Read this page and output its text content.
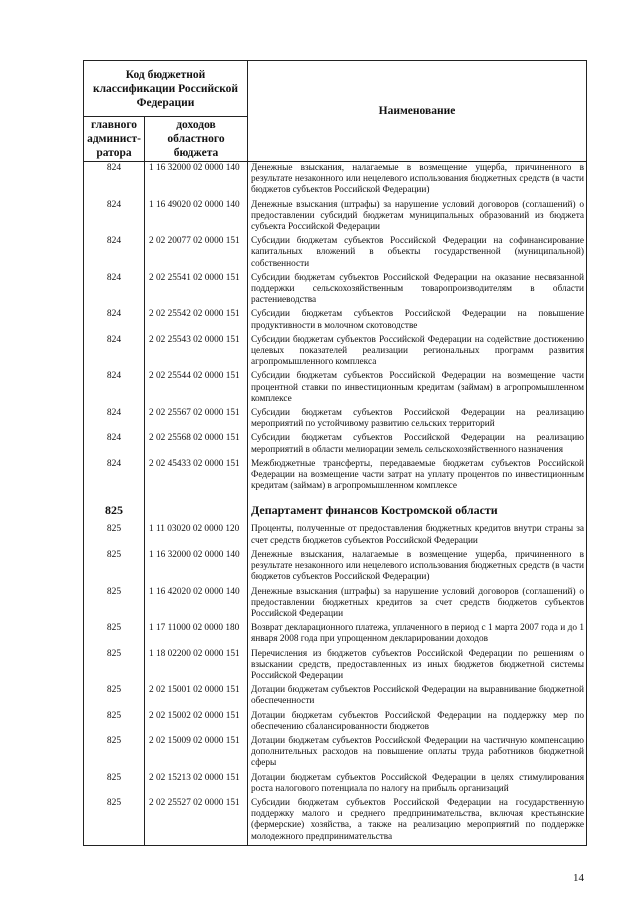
Код бюджетной классификации Российской Федерации		Наименование
главного админист-ратора	доходов областного бюджета	
824	1 16 32000 02 0000 140	Денежные взыскания, налагаемые в возмещение ущерба, причиненного в результате незаконного или нецелевого использования бюджетных средств (в части бюджетов субъектов Российской Федерации)
824	1 16 49020 02 0000 140	Денежные взыскания (штрафы) за нарушение условий договоров (соглашений) о предоставлении субсидий бюджетам муниципальных образований из бюджета субъекта Российской Федерации
824	2 02 20077 02 0000 151	Субсидии бюджетам субъектов Российской Федерации на софинансирование капитальных вложений в объекты государственной (муниципальной) собственности
824	2 02 25541 02 0000 151	Субсидии бюджетам субъектов Российской Федерации на оказание несвязанной поддержки сельскохозяйственным товаропроизводителям в области растениеводства
824	2 02 25542 02 0000 151	Субсидии бюджетам субъектов Российской Федерации на повышение продуктивности в молочном скотоводстве
824	2 02 25543 02 0000 151	Субсидии бюджетам субъектов Российской Федерации на содействие достижению целевых показателей реализации региональных программ развития агропромышленного комплекса
824	2 02 25544 02 0000 151	Субсидии бюджетам субъектов Российской Федерации на возмещение части процентной ставки по инвестиционным кредитам (займам) в агропромышленном комплексе
824	2 02 25567 02 0000 151	Субсидии бюджетам субъектов Российской Федерации на реализацию мероприятий по устойчивому развитию сельских территорий
824	2 02 25568 02 0000 151	Субсидии бюджетам субъектов Российской Федерации на реализацию мероприятий в области мелиорации земель сельскохозяйственного назначения
824	2 02 45433 02 0000 151	Межбюджетные трансферты, передаваемые бюджетам субъектов Российской Федерации на возмещение части затрат на уплату процентов по инвестиционным кредитам (займам) в агропромышленном комплексе
825		Департамент финансов Костромской области
825	1 11 03020 02 0000 120	Проценты, полученные от предоставления бюджетных кредитов внутри страны за счет средств бюджетов субъектов Российской Федерации
825	1 16 32000 02 0000 140	Денежные взыскания, налагаемые в возмещение ущерба, причиненного в результате незаконного или нецелевого использования бюджетных средств (в части бюджетов субъектов Российской Федерации)
825	1 16 42020 02 0000 140	Денежные взыскания (штрафы) за нарушение условий договоров (соглашений) о предоставлении бюджетных кредитов за счет средств бюджетов субъектов Российской Федерации
825	1 17 11000 02 0000 180	Возврат декларационного платежа, уплаченного в период с 1 марта 2007 года и до 1 января 2008 года при упрощенном декларировании доходов
825	1 18 02200 02 0000 151	Перечисления из бюджетов субъектов Российской Федерации по решениям о взыскании средств, предоставленных из иных бюджетов бюджетной системы Российской Федерации
825	2 02 15001 02 0000 151	Дотации бюджетам субъектов Российской Федерации на выравнивание бюджетной обеспеченности
825	2 02 15002 02 0000 151	Дотации бюджетам субъектов Российской Федерации на поддержку мер по обеспечению сбалансированности бюджетов
825	2 02 15009 02 0000 151	Дотации бюджетам субъектов Российской Федерации на частичную компенсацию дополнительных расходов на повышение оплаты труда работников бюджетной сферы
825	2 02 15213 02 0000 151	Дотации бюджетам субъектов Российской Федерации в целях стимулирования роста налогового потенциала по налогу на прибыль организаций
825	2 02 25527 02 0000 151	Субсидии бюджетам субъектов Российской Федерации на государственную поддержку малого и среднего предпринимательства, включая крестьянские (фермерские) хозяйства, а также на реализацию мероприятий по поддержке молодежного предпринимательства
14
